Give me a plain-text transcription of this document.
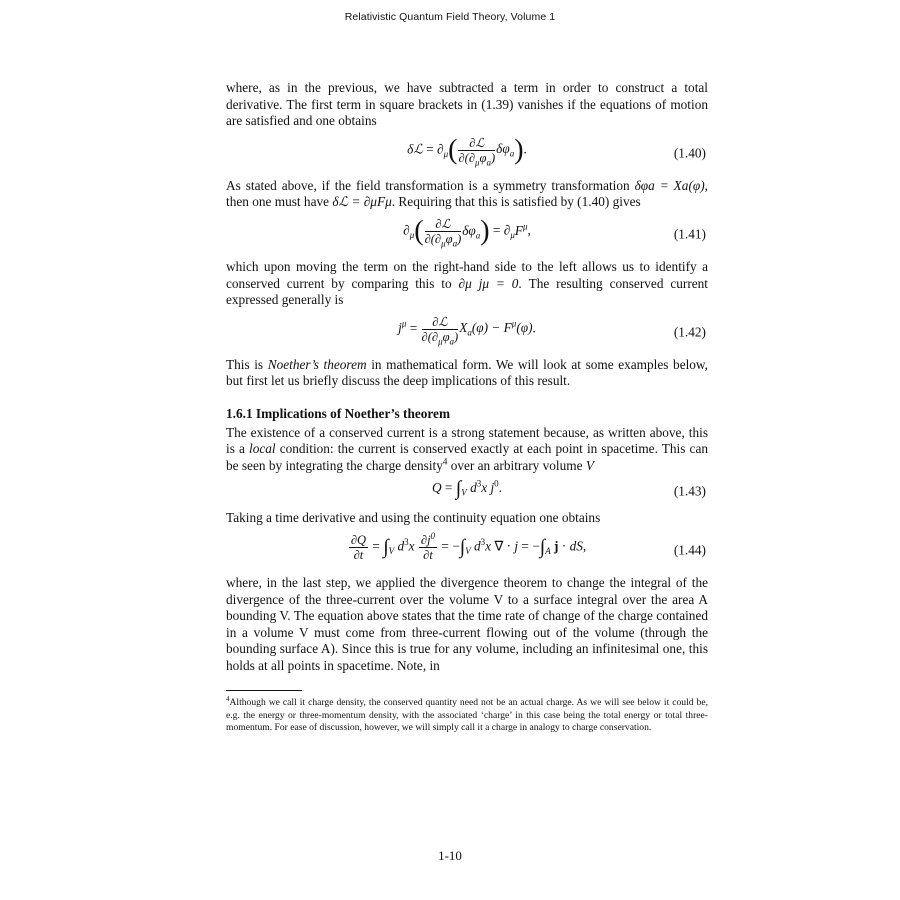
Relativistic Quantum Field Theory, Volume 1

where, as in the previous, we have subtracted a term in order to construct a total derivative. The first term in square brackets in (1.39) vanishes if the equations of motion are satisfied and one obtains

δℒ = $\partial_\mu( \frac{\text{∂ℒ}}{\partial(\partial_\mu\varphi_a)} \delta\varphi_a)$.	(1.40)

As stated above, if the field transformation is a symmetry transformation δφa = Xa(φ), then one must have δℒ = ∂μFμ. Requiring that this is satisfied by (1.40) gives

$\partial_\mu( \frac{\text{∂ℒ}}{\partial(\partial_\mu\varphi_a)} \delta\varphi_a) = \partial_\mu F^\mu$,	(1.41)

which upon moving the term on the right-hand side to the left allows us to identify a conserved current by comparing this to ∂μ jμ = 0. The resulting conserved current expressed generally is

$j^\mu = \frac{\text{∂ℒ}}{\partial(\partial_\mu\varphi_a)} X_a(\varphi) - F^\mu(\varphi)$.	(1.42)

This is Noether’s theorem in mathematical form. We will look at some examples below, but first let us briefly discuss the deep implications of this result.

1.6.1 Implications of Noether’s theorem

The existence of a conserved current is a strong statement because, as written above, this is a local condition: the current is conserved exactly at each point in spacetime. This can be seen by integrating the charge density$^4$ over an arbitrary volume V

$Q = \int_V$ $d^3x$ $j^0$.	(1.43)

Taking a time derivative and using the continuity equation one obtains

$\frac{\partial Q}{\partial t} = \int_V$ $d^3x \frac{\partial j^0}{\partial t} = -\int_V$ $d^3x$ ∇ · $j = -\int_A$ j · dS,	(1.44)

where, in the last step, we applied the divergence theorem to change the integral of the divergence of the three-current over the volume V to a surface integral over the area A bounding V. The equation above states that the time rate of change of the charge contained in a volume V must come from three-current flowing out of the volume (through the bounding surface A). Since this is true for any volume, including an infinitesimal one, this holds at all points in spacetime. Note, in

$^4$Although we call it charge density, the conserved quantity need not be an actual charge. As we will see below it could be, e.g. the energy or three-momentum density, with the associated ‘charge’ in this case being the total energy or total three-momentum. For ease of discussion, however, we will simply call it a charge in analogy to charge conservation.

1-10
